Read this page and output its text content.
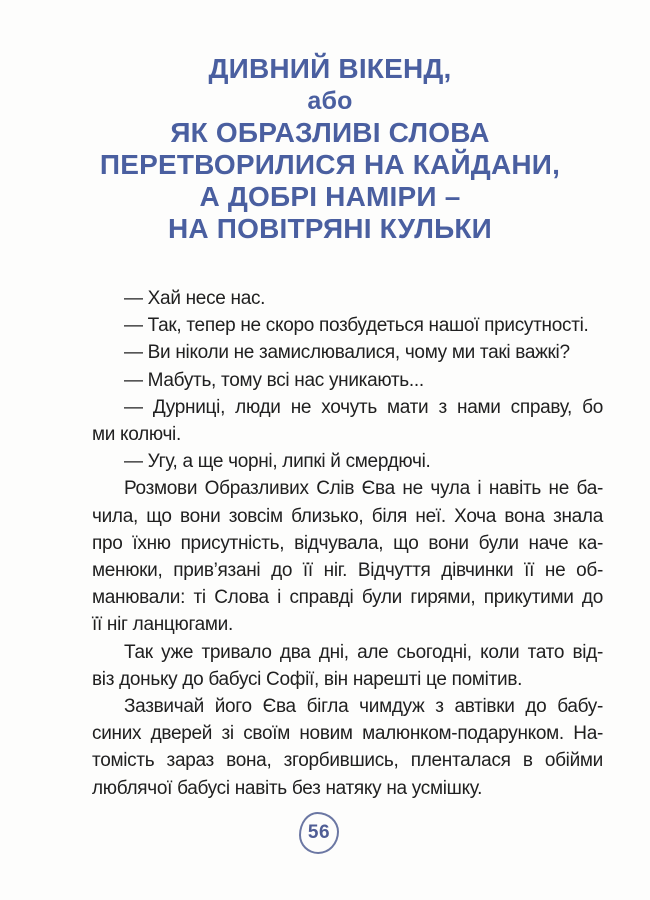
ДИВНИЙ ВІКЕНД,
або
ЯК ОБРАЗЛИВІ СЛОВА
ПЕРЕТВОРИЛИСЯ НА КАЙДАНИ,
А ДОБРІ НАМІРИ –
НА ПОВІТРЯНІ КУЛЬКИ
— Хай несе нас.
— Так, тепер не скоро позбудеться нашої присутності.
— Ви ніколи не замислювалися, чому ми такі важкі?
— Мабуть, тому всі нас уникають...
— Дурниці, люди не хочуть мати з нами справу, бо
ми колючі.
— Угу, а ще чорні, липкі й смердючі.
Розмови Образливих Слів Єва не чула і навіть не ба-
чила, що вони зовсім близько, біля неї. Хоча вона знала
про їхню присутність, відчувала, що вони були наче ка-
менюки, прив’язані до її ніг. Відчуття дівчинки її не об-
манювали: ті Слова і справді були гирями, прикутими до
її ніг ланцюгами.
Так уже тривало два дні, але сьогодні, коли тато від-
віз доньку до бабусі Софії, він нарешті це помітив.
Зазвичай його Єва бігла чимдуж з автівки до бабу-
синих дверей зі своїм новим малюнком-подарунком. На-
томість зараз вона, згорбившись, пленталася в обійми
люблячої бабусі навіть без натяку на усмішку.
56
